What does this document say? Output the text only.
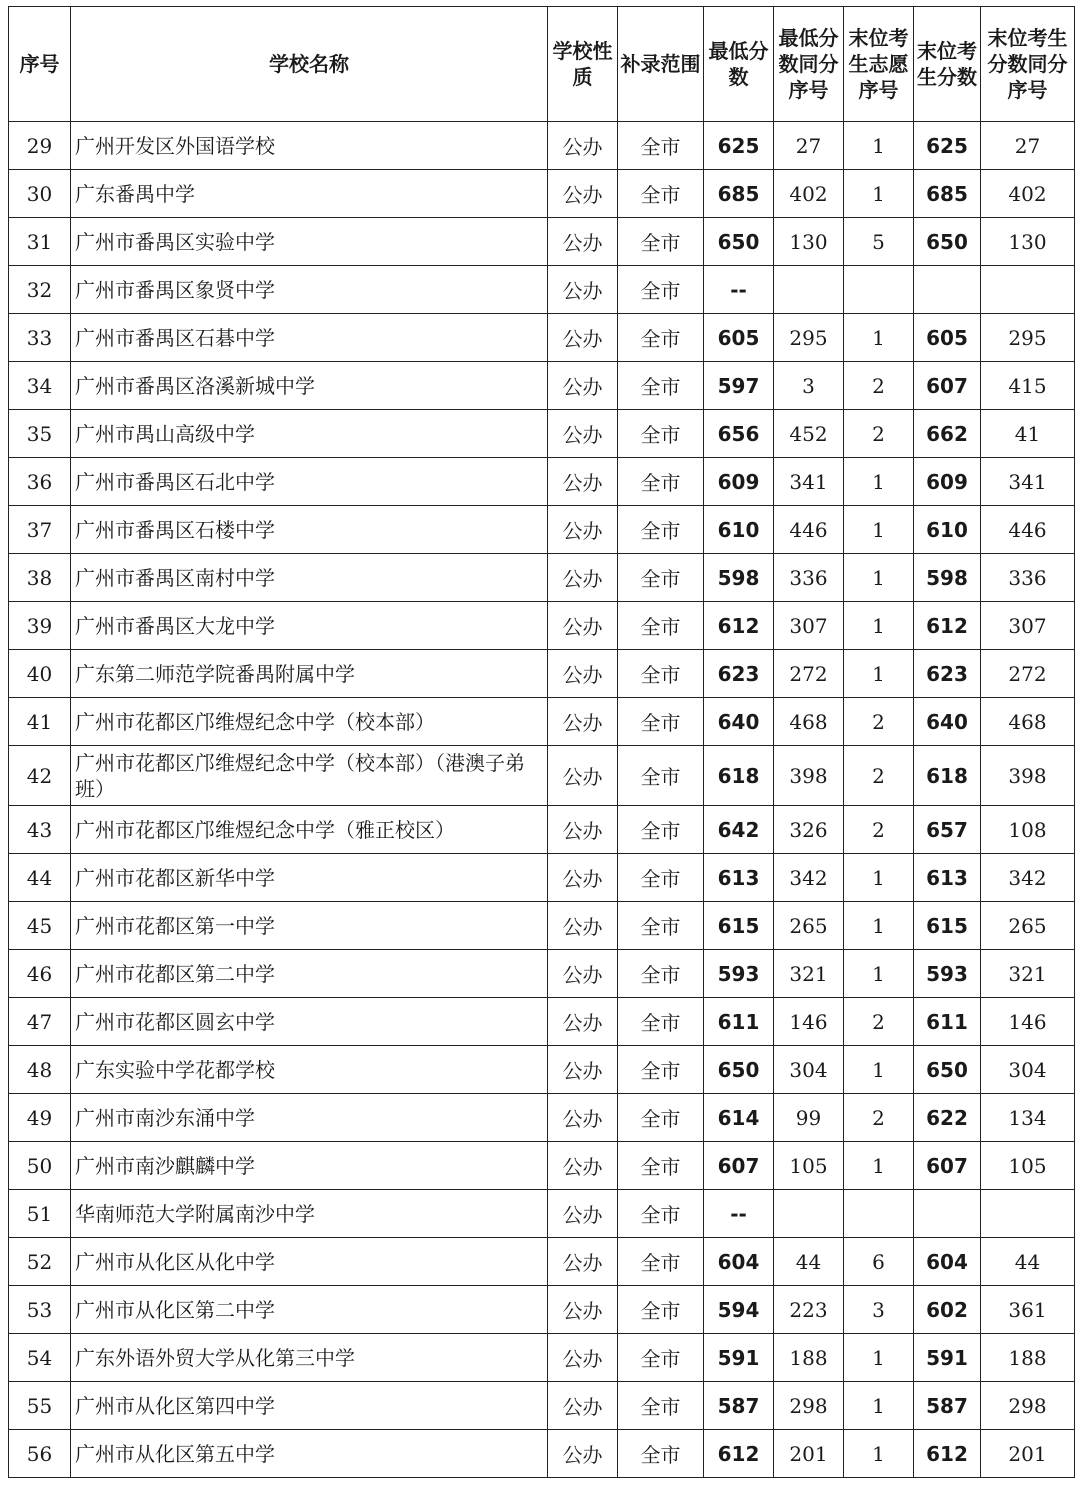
序号	学校名称	学校性质	补录范围	最低分数	最低分数同分序号	末位考生志愿序号	末位考生分数	末位考生分数同分序号
29	广州开发区外国语学校	公办	全市	625	27	1	625	27
30	广东番禺中学	公办	全市	685	402	1	685	402
31	广州市番禺区实验中学	公办	全市	650	130	5	650	130
32	广州市番禺区象贤中学	公办	全市	--				
33	广州市番禺区石碁中学	公办	全市	605	295	1	605	295
34	广州市番禺区洛溪新城中学	公办	全市	597	3	2	607	415
35	广州市禺山高级中学	公办	全市	656	452	2	662	41
36	广州市番禺区石北中学	公办	全市	609	341	1	609	341
37	广州市番禺区石楼中学	公办	全市	610	446	1	610	446
38	广州市番禺区南村中学	公办	全市	598	336	1	598	336
39	广州市番禺区大龙中学	公办	全市	612	307	1	612	307
40	广东第二师范学院番禺附属中学	公办	全市	623	272	1	623	272
41	广州市花都区邝维煜纪念中学（校本部）	公办	全市	640	468	2	640	468
42	广州市花都区邝维煜纪念中学（校本部）（港澳子弟班）	公办	全市	618	398	2	618	398
43	广州市花都区邝维煜纪念中学（雅正校区）	公办	全市	642	326	2	657	108
44	广州市花都区新华中学	公办	全市	613	342	1	613	342
45	广州市花都区第一中学	公办	全市	615	265	1	615	265
46	广州市花都区第二中学	公办	全市	593	321	1	593	321
47	广州市花都区圆玄中学	公办	全市	611	146	2	611	146
48	广东实验中学花都学校	公办	全市	650	304	1	650	304
49	广州市南沙东涌中学	公办	全市	614	99	2	622	134
50	广州市南沙麒麟中学	公办	全市	607	105	1	607	105
51	华南师范大学附属南沙中学	公办	全市	--				
52	广州市从化区从化中学	公办	全市	604	44	6	604	44
53	广州市从化区第二中学	公办	全市	594	223	3	602	361
54	广东外语外贸大学从化第三中学	公办	全市	591	188	1	591	188
55	广州市从化区第四中学	公办	全市	587	298	1	587	298
56	广州市从化区第五中学	公办	全市	612	201	1	612	201
